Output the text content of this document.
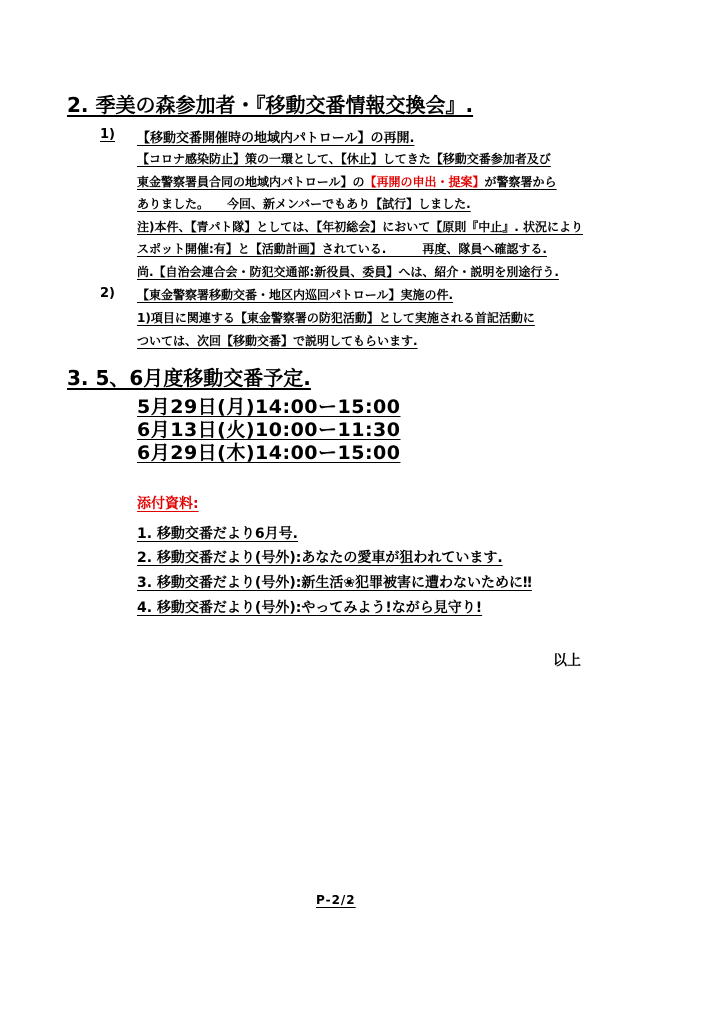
2. 季美の森参加者・『移動交番情報交換会』.
1) 【移動交番開催時の地域内パトロール】の再開.
【コロナ感染防止】策の一環として、【休止】してきた【移動交番参加者及び
東金警察署員合同の地域内パトロール】の【再開の申出・提案】が警察署から
ありました。　　今回、新メンバーでもあり【試行】しました.
注)本件、【青パト隊】としては、【年初総会】において【原則『中止』. 状況により
スポット開催:有】と【活動計画】されている.　　　再度、隊員へ確認する.
尚.【自治会連合会・防犯交通部:新役員、委員】へは、紹介・説明を別途行う.
2) 【東金警察署移動交番・地区内巡回パトロール】実施の件.
1)項目に関連する【東金警察署の防犯活動】として実施される首記活動に
ついては、次回【移動交番】で説明してもらいます.
3. 5、6月度移動交番予定.
5月29日(月)14:00ー15:00
6月13日(火)10:00ー11:30
6月29日(木)14:00ー15:00
添付資料:
1. 移動交番だより6月号.
2. 移動交番だより(号外):あなたの愛車が狙われています.
3. 移動交番だより(号外):新生活❀犯罪被害に遭わないために‼
4. 移動交番だより(号外):やってみよう!ながら見守り!
以上
P-2/2
